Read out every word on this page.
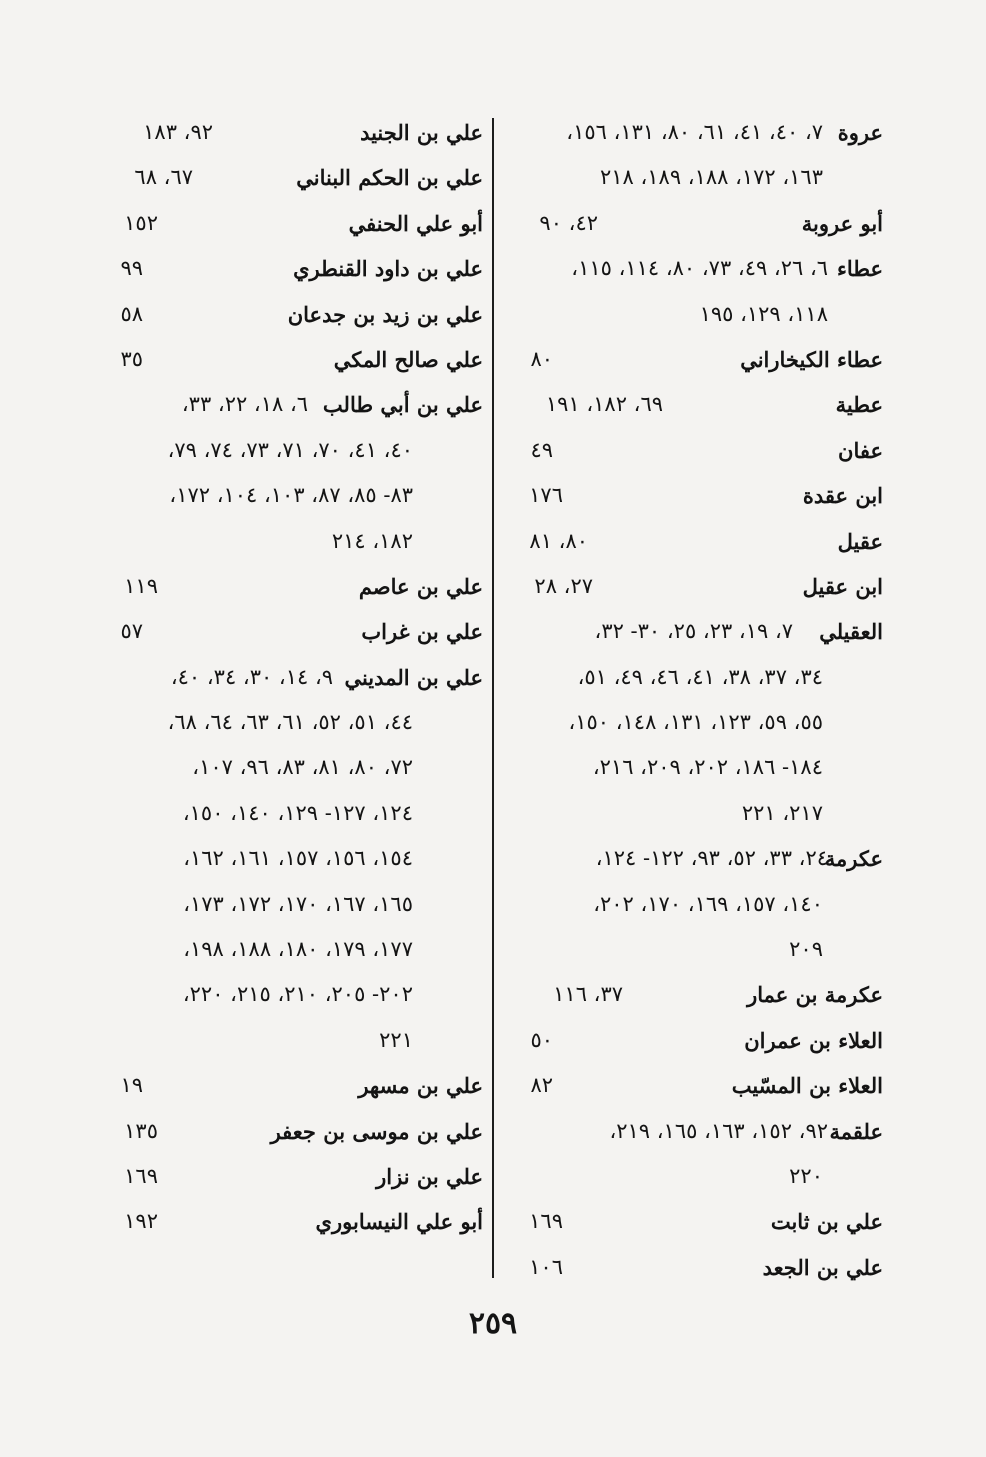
عروة
٧، ٤٠، ٤١، ٦١، ٨٠، ١٣١، ١٥٦،
١٦٣، ١٧٢، ١٨٨، ١٨٩، ٢١٨
أبو عروبة
٤٢، ٩٠
عطاء
٦، ٢٦، ٤٩، ٧٣، ٨٠، ١١٤، ١١٥،
١١٨، ١٢٩، ١٩٥
عطاء الكيخاراني
٨٠
عطية
٦٩، ١٨٢، ١٩١
عفان
٤٩
ابن عقدة
١٧٦
عقيل
٨٠، ٨١
ابن عقيل
٢٧، ٢٨
العقيلي
٧، ١٩، ٢٣، ٢٥، ٣٠- ٣٢،
٣٤، ٣٧، ٣٨، ٤١، ٤٦، ٤٩، ٥١،
٥٥، ٥٩، ١٢٣، ١٣١، ١٤٨، ١٥٠،
١٨٤- ١٨٦، ٢٠٢، ٢٠٩، ٢١٦،
٢١٧، ٢٢١
عكرمة
٢٤، ٣٣، ٥٢، ٩٣، ١٢٢- ١٢٤،
١٤٠، ١٥٧، ١٦٩، ١٧٠، ٢٠٢،
٢٠٩
عكرمة بن عمار
٣٧، ١١٦
العلاء بن عمران
٥٠
العلاء بن المسّيب
٨٢
علقمة
٩٢، ١٥٢، ١٦٣، ١٦٥، ٢١٩،
٢٢٠
علي بن ثابت
١٦٩
علي بن الجعد
١٠٦
علي بن الجنيد
٩٢، ١٨٣
علي بن الحكم البناني
٦٧، ٦٨
أبو علي الحنفي
١٥٢
علي بن داود القنطري
٩٩
علي بن زيد بن جدعان
٥٨
علي صالح المكي
٣٥
علي بن أبي طالب
٦، ١٨، ٢٢، ٣٣،
٤٠، ٤١، ٧٠، ٧١، ٧٣، ٧٤، ٧٩،
٨٣- ٨٥، ٨٧، ١٠٣، ١٠٤، ١٧٢،
١٨٢، ٢١٤
علي بن عاصم
١١٩
علي بن غراب
٥٧
علي بن المديني
٩، ١٤، ٣٠، ٣٤، ٤٠،
٤٤، ٥١، ٥٢، ٦١، ٦٣، ٦٤، ٦٨،
٧٢، ٨٠، ٨١، ٨٣، ٩٦، ١٠٧،
١٢٤، ١٢٧- ١٢٩، ١٤٠، ١٥٠،
١٥٤، ١٥٦، ١٥٧، ١٦١، ١٦٢،
١٦٥، ١٦٧، ١٧٠، ١٧٢، ١٧٣،
١٧٧، ١٧٩، ١٨٠، ١٨٨، ١٩٨،
٢٠٢- ٢٠٥، ٢١٠، ٢١٥، ٢٢٠،
٢٢١
علي بن مسهر
١٩
علي بن موسى بن جعفر
١٣٥
علي بن نزار
١٦٩
أبو علي النيسابوري
١٩٢
٢٥٩
